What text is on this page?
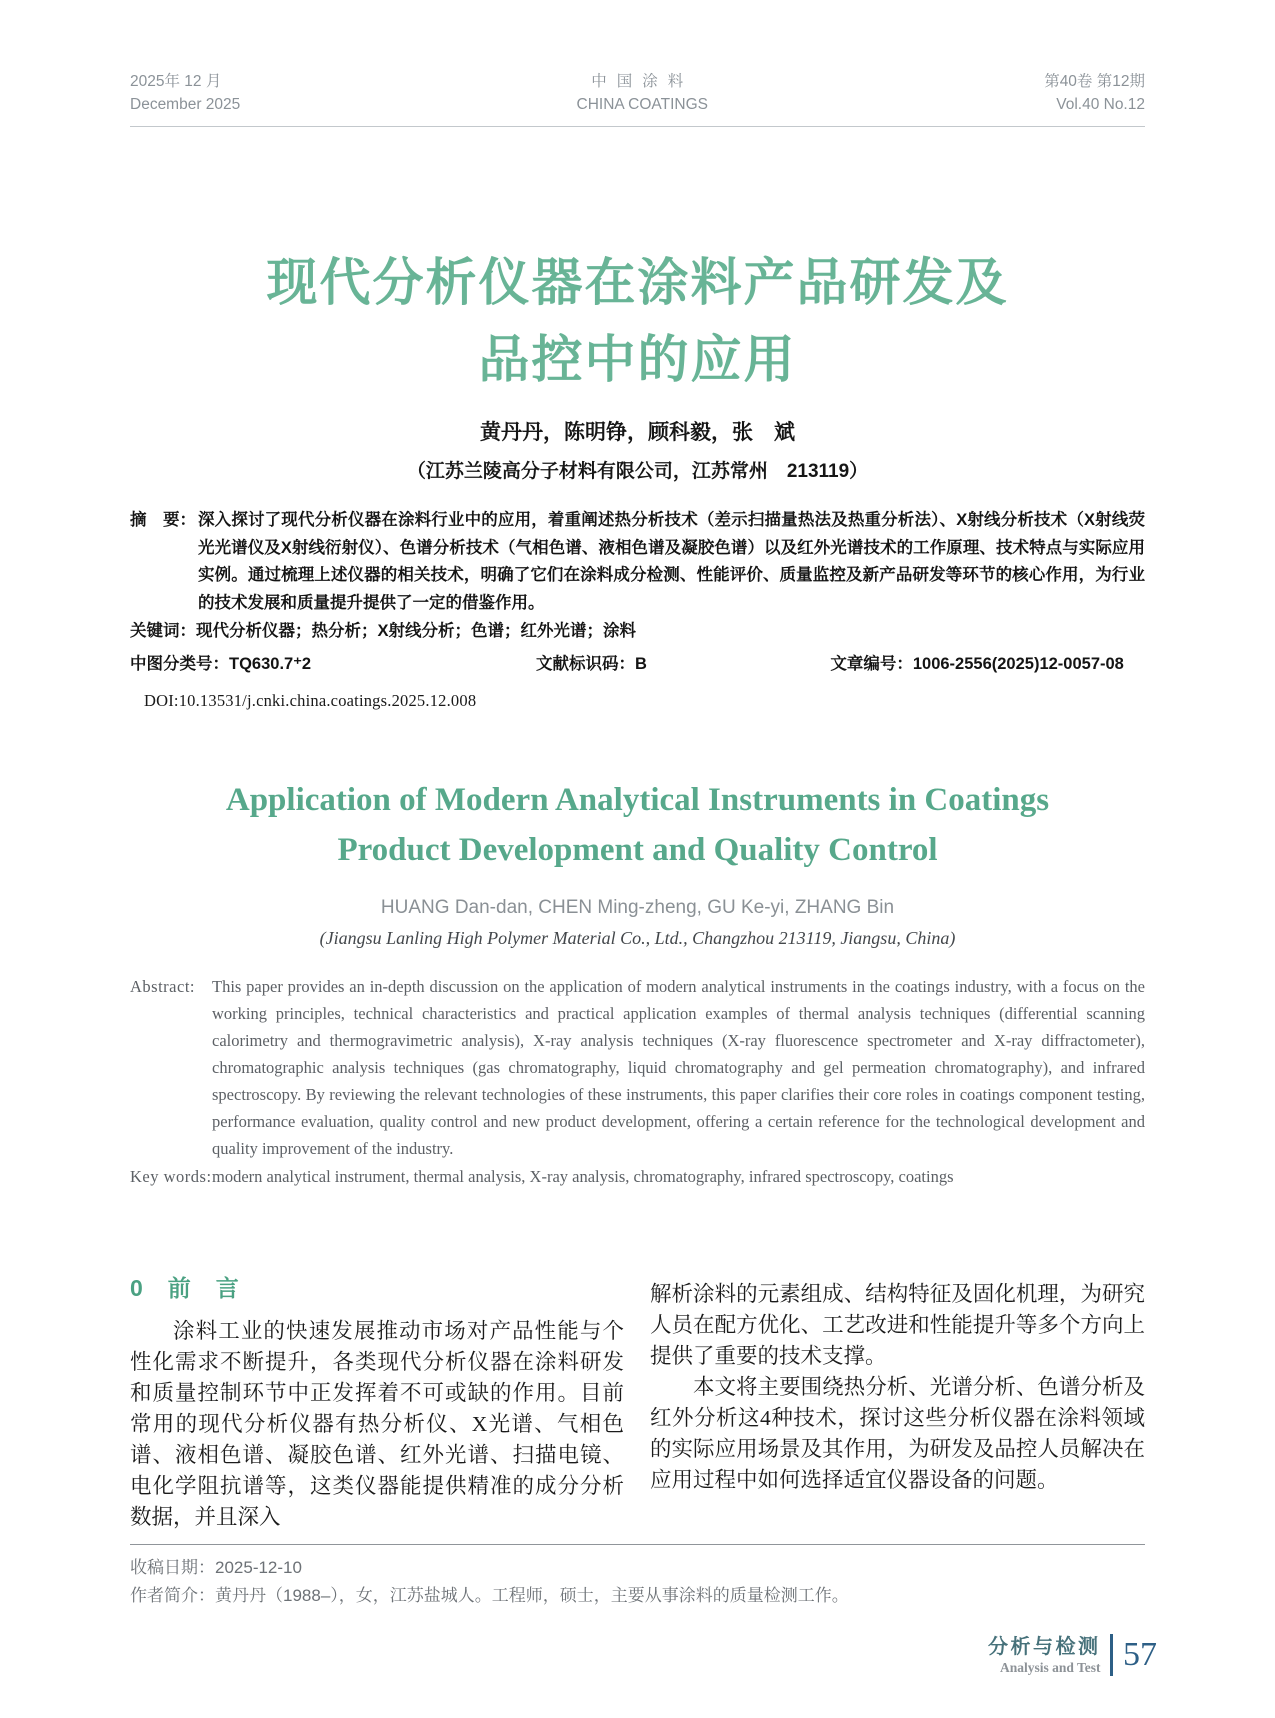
2025年 12 月
December 2025
中国涂料
CHINA COATINGS
第40卷 第12期
Vol.40 No.12
现代分析仪器在涂料产品研发及
品控中的应用
黄丹丹，陈明铮，顾科毅，张　斌
（江苏兰陵高分子材料有限公司，江苏常州　213119）
摘　要： 深入探讨了现代分析仪器在涂料行业中的应用，着重阐述热分析技术（差示扫描量热法及热重分析法）、X射线分析技术（X射线荧光光谱仪及X射线衍射仪）、色谱分析技术（气相色谱、液相色谱及凝胶色谱）以及红外光谱技术的工作原理、技术特点与实际应用实例。通过梳理上述仪器的相关技术，明确了它们在涂料成分检测、性能评价、质量监控及新产品研发等环节的核心作用，为行业的技术发展和质量提升提供了一定的借鉴作用。
关键词：现代分析仪器；热分析；X射线分析；色谱；红外光谱；涂料
中图分类号：TQ630.7⁺2	文献标识码：B	文章编号：1006-2556(2025)12-0057-08
DOI:10.13531/j.cnki.china.coatings.2025.12.008
Application of Modern Analytical Instruments in Coatings
Product Development and Quality Control
HUANG Dan-dan, CHEN Ming-zheng, GU Ke-yi, ZHANG Bin
(Jiangsu Lanling High Polymer Material Co., Ltd., Changzhou 213119, Jiangsu, China)
Abstract:	This paper provides an in-depth discussion on the application of modern analytical instruments in the coatings industry, with a focus on the working principles, technical characteristics and practical application examples of thermal analysis techniques (differential scanning calorimetry and thermogravimetric analysis), X-ray analysis techniques (X-ray fluorescence spectrometer and X-ray diffractometer), chromatographic analysis techniques (gas chromatography, liquid chromatography and gel permeation chromatography), and infrared spectroscopy. By reviewing the relevant technologies of these instruments, this paper clarifies their core roles in coatings component testing, performance evaluation, quality control and new product development, offering a certain reference for the technological development and quality improvement of the industry.
Key words: modern analytical instrument, thermal analysis, X-ray analysis, chromatography, infrared spectroscopy, coatings
0　前　言

涂料工业的快速发展推动市场对产品性能与个性化需求不断提升，各类现代分析仪器在涂料研发和质量控制环节中正发挥着不可或缺的作用。目前常用的现代分析仪器有热分析仪、X光谱、气相色谱、液相色谱、凝胶色谱、红外光谱、扫描电镜、电化学阻抗谱等，这类仪器能提供精准的成分分析数据，并且深入

解析涂料的元素组成、结构特征及固化机理，为研究人员在配方优化、工艺改进和性能提升等多个方向上提供了重要的技术支撑。

本文将主要围绕热分析、光谱分析、色谱分析及红外分析这4种技术，探讨这些分析仪器在涂料领域的实际应用场景及其作用，为研发及品控人员解决在应用过程中如何选择适宜仪器设备的问题。

收稿日期：2025-12-10
作者简介：黄丹丹（1988–），女，江苏盐城人。工程师，硕士，主要从事涂料的质量检测工作。
分析与检测
Analysis and Test 57
